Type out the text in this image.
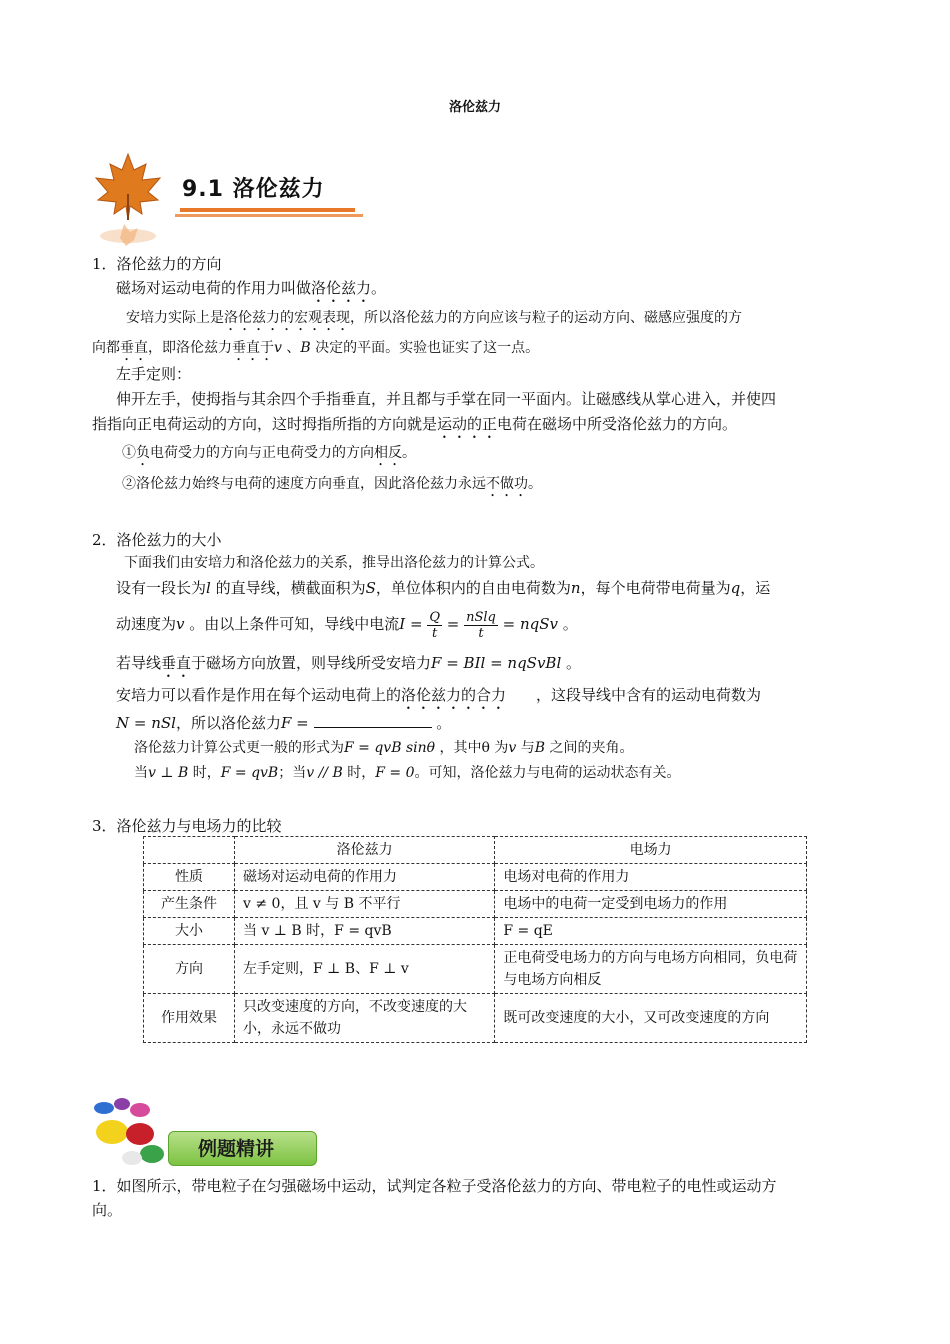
洛伦兹力
9.1 洛伦兹力
1．洛伦兹力的方向
磁场对运动电荷的作用力叫做洛伦兹力。
安培力实际上是洛伦兹力的宏观表现，所以洛伦兹力的方向应该与粒子的运动方向、磁感应强度的方
向都垂直，即洛伦兹力垂直于v 、B 决定的平面。实验也证实了这一点。
左手定则：
伸开左手，使拇指与其余四个手指垂直，并且都与手掌在同一平面内。让磁感线从掌心进入，并使四
指指向正电荷运动的方向，这时拇指所指的方向就是运动的正电荷在磁场中所受洛伦兹力的方向。
①负电荷受力的方向与正电荷受力的方向相反。
②洛伦兹力始终与电荷的速度方向垂直，因此洛伦兹力永远不做功。
2．洛伦兹力的大小
下面我们由安培力和洛伦兹力的关系，推导出洛伦兹力的计算公式。
设有一段长为l 的直导线，横截面积为S，单位体积内的自由电荷数为n，每个电荷带电荷量为q，运
动速度为v 。由以上条件可知，导线中电流$I = \frac{Q}{t} = \frac{\text{nSlq}}{t}$ = nqSv 。
若导线垂直于磁场方向放置，则导线所受安培力F = BIl = nqSvBl 。
安培力可以看作是作用在每个运动电荷上的洛伦兹力的合力　　，这段导线中含有的运动电荷数为
N = nSl，所以洛伦兹力F =	。
洛伦兹力计算公式更一般的形式为F = qvB sinθ ，其中θ 为v 与B 之间的夹角。
当v ⊥ B 时，F = qvB；当v // B 时，F = 0。可知，洛伦兹力与电荷的运动状态有关。
3．洛伦兹力与电场力的比较
	洛伦兹力	电场力
性质	磁场对运动电荷的作用力	电场对电荷的作用力
产生条件	v ≠ 0，且 v 与 B 不平行	电场中的电荷一定受到电场力的作用
大小	当 v ⊥ B 时，F = qvB	F = qE
方向	左手定则，F ⊥ B、F ⊥ v	正电荷受电场力的方向与电场方向相同，负电荷与电场方向相反
作用效果	只改变速度的方向，不改变速度的大小，永远不做功	既可改变速度的大小，又可改变速度的方向
例题精讲
1．如图所示，带电粒子在匀强磁场中运动，试判定各粒子受洛伦兹力的方向、带电粒子的电性或运动方
向。
